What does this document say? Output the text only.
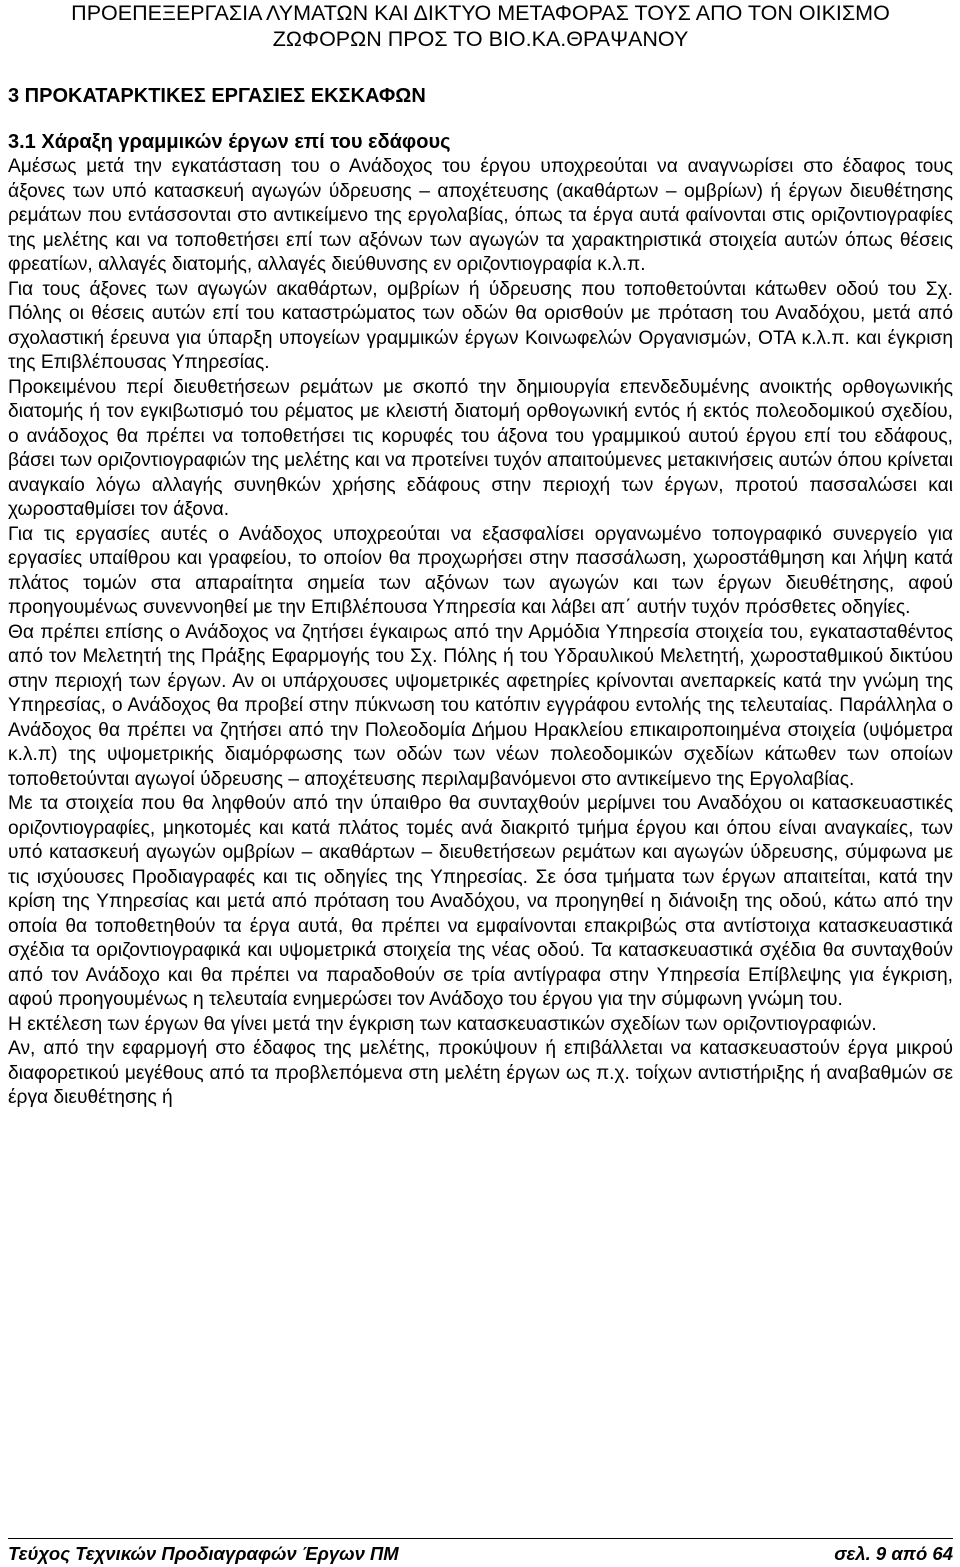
ΠΡΟΕΠΕΞΕΡΓΑΣΙΑ ΛΥΜΑΤΩΝ ΚΑΙ ΔΙΚΤΥΟ ΜΕΤΑΦΟΡΑΣ ΤΟΥΣ ΑΠΟ ΤΟΝ ΟΙΚΙΣΜΟ
ΖΩΦΟΡΩΝ ΠΡΟΣ ΤΟ ΒΙΟ.ΚΑ.ΘΡΑΨΑΝΟΥ
3 ΠΡΟΚΑΤΑΡΚΤΙΚΕΣ ΕΡΓΑΣΙΕΣ ΕΚΣΚΑΦΩΝ
3.1 Χάραξη γραμμικών έργων επί του εδάφους

Αμέσως μετά την εγκατάσταση του ο Ανάδοχος του έργου υποχρεούται να αναγνωρίσει στο έδαφος τους άξονες των υπό κατασκευή αγωγών ύδρευσης – αποχέτευσης (ακαθάρτων – ομβρίων) ή έργων διευθέτησης ρεμάτων που εντάσσονται στο αντικείμενο της εργολαβίας, όπως τα έργα αυτά φαίνονται στις οριζοντιογραφίες της μελέτης και να τοποθετήσει επί των αξόνων των αγωγών τα χαρακτηριστικά στοιχεία αυτών όπως θέσεις φρεατίων, αλλαγές διατομής, αλλαγές διεύθυνσης εν οριζοντιογραφία κ.λ.π.

Για τους άξονες των αγωγών ακαθάρτων, ομβρίων ή ύδρευσης που τοποθετούνται κάτωθεν οδού του Σχ. Πόλης οι θέσεις αυτών επί του καταστρώματος των οδών θα ορισθούν με πρόταση του Αναδόχου, μετά από σχολαστική έρευνα για ύπαρξη υπογείων γραμμικών έργων Κοινωφελών Οργανισμών, ΟΤΑ κ.λ.π. και έγκριση της Επιβλέπουσας Υπηρεσίας.

Προκειμένου περί διευθετήσεων ρεμάτων με σκοπό την δημιουργία επενδεδυμένης ανοικτής ορθογωνικής διατομής ή τον εγκιβωτισμό του ρέματος με κλειστή διατομή ορθογωνική εντός ή εκτός πολεοδομικού σχεδίου, ο ανάδοχος θα πρέπει να τοποθετήσει τις κορυφές του άξονα του γραμμικού αυτού έργου επί του εδάφους, βάσει των οριζοντιογραφιών της μελέτης και να προτείνει τυχόν απαιτούμενες μετακινήσεις αυτών όπου κρίνεται αναγκαίο λόγω αλλαγής συνηθκών χρήσης εδάφους στην περιοχή των έργων, προτού πασσαλώσει και χωροσταθμίσει τον άξονα.

Για τις εργασίες αυτές ο Ανάδοχος υποχρεούται να εξασφαλίσει οργανωμένο τοπογραφικό συνεργείο για εργασίες υπαίθρου και γραφείου, το οποίον θα προχωρήσει στην πασσάλωση, χωροστάθμηση και λήψη κατά πλάτος τομών στα απαραίτητα σημεία των αξόνων των αγωγών και των έργων διευθέτησης, αφού προηγουμένως συνεννοηθεί με την Επιβλέπουσα Υπηρεσία και λάβει απ΄ αυτήν τυχόν πρόσθετες οδηγίες.

Θα πρέπει επίσης ο Ανάδοχος να ζητήσει έγκαιρως από την Αρμόδια Υπηρεσία στοιχεία του, εγκατασταθέντος από τον Μελετητή της Πράξης Εφαρμογής του Σχ. Πόλης ή του Υδραυλικού Μελετητή, χωροσταθμικού δικτύου στην περιοχή των έργων. Αν οι υπάρχουσες υψομετρικές αφετηρίες κρίνονται ανεπαρκείς κατά την γνώμη της Υπηρεσίας, ο Ανάδοχος θα προβεί στην πύκνωση του κατόπιν εγγράφου εντολής της τελευταίας. Παράλληλα ο Ανάδοχος θα πρέπει να ζητήσει από την Πολεοδομία Δήμου Ηρακλείου επικαιροποιημένα στοιχεία (υψόμετρα κ.λ.π) της υψομετρικής διαμόρφωσης των οδών των νέων πολεοδομικών σχεδίων κάτωθεν των οποίων τοποθετούνται αγωγοί ύδρευσης – αποχέτευσης περιλαμβανόμενοι στο αντικείμενο της Εργολαβίας.

Με τα στοιχεία που θα ληφθούν από την ύπαιθρο θα συνταχθούν μερίμνει του Αναδόχου οι κατασκευαστικές οριζοντιογραφίες, μηκοτομές και κατά πλάτος τομές ανά διακριτό τμήμα έργου και όπου είναι αναγκαίες, των υπό κατασκευή αγωγών ομβρίων – ακαθάρτων – διευθετήσεων ρεμάτων και αγωγών ύδρευσης, σύμφωνα με τις ισχύουσες Προδιαγραφές και τις οδηγίες της Υπηρεσίας. Σε όσα τμήματα των έργων απαιτείται, κατά την κρίση της Υπηρεσίας και μετά από πρόταση του Αναδόχου, να προηγηθεί η διάνοιξη της οδού, κάτω από την οποία θα τοποθετηθούν τα έργα αυτά, θα πρέπει να εμφαίνονται επακριβώς στα αντίστοιχα κατασκευαστικά σχέδια τα οριζοντιογραφικά και υψομετρικά στοιχεία της νέας οδού. Τα κατασκευαστικά σχέδια θα συνταχθούν από τον Ανάδοχο και θα πρέπει να παραδοθούν σε τρία αντίγραφα στην Υπηρεσία Επίβλεψης για έγκριση, αφού προηγουμένως η τελευταία ενημερώσει τον Ανάδοχο του έργου για την σύμφωνη γνώμη του.

Η εκτέλεση των έργων θα γίνει μετά την έγκριση των κατασκευαστικών σχεδίων των οριζοντιογραφιών.

Αν, από την εφαρμογή στο έδαφος της μελέτης, προκύψουν ή επιβάλλεται να κατασκευαστούν έργα μικρού διαφορετικού μεγέθους από τα προβλεπόμενα στη μελέτη έργων ως π.χ. τοίχων αντιστήριξης ή αναβαθμών σε έργα διευθέτησης ή

Τεύχος Τεχνικών Προδιαγραφών Έργων ΠΜ	σελ. 9 από 64
